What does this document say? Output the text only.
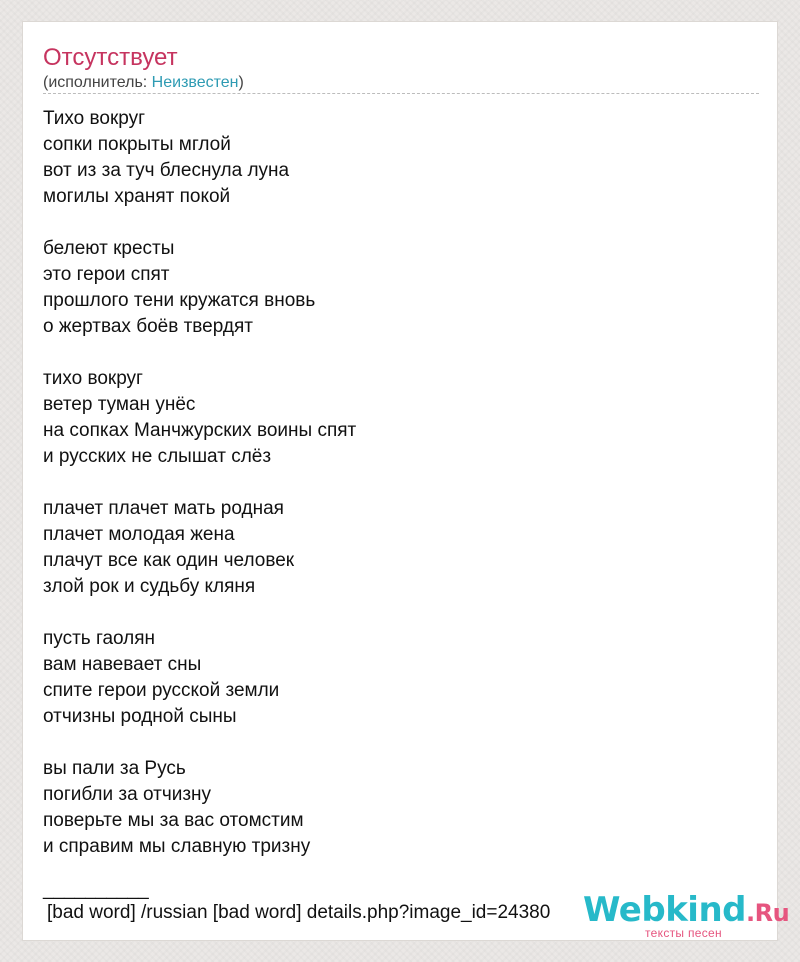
Отсутствует
(исполнитель: Неизвестен)
Тихо вокруг
сопки покрыты мглой
вот из за туч блеснула луна
могилы хранят покой
белеют кресты
это герои спят
прошлого тени кружатся вновь
о жертвах боёв твердят
тихо вокруг
ветер туман унёс
на сопках Манчжурских воины спят
и русских не слышат слёз
плачет плачет мать родная
плачет молодая жена
плачут все как один человек
злой рок и судьбу кляня
пусть гаолян
вам навевает сны
спите герои русской земли
отчизны родной сыны
вы пали за Русь
погибли за отчизну
поверьте мы за вас отомстим
и справим мы славную тризну
__________
[bad word] /russian [bad word] details.php?image_id=24380 Webkind.Ru
тексты песен
